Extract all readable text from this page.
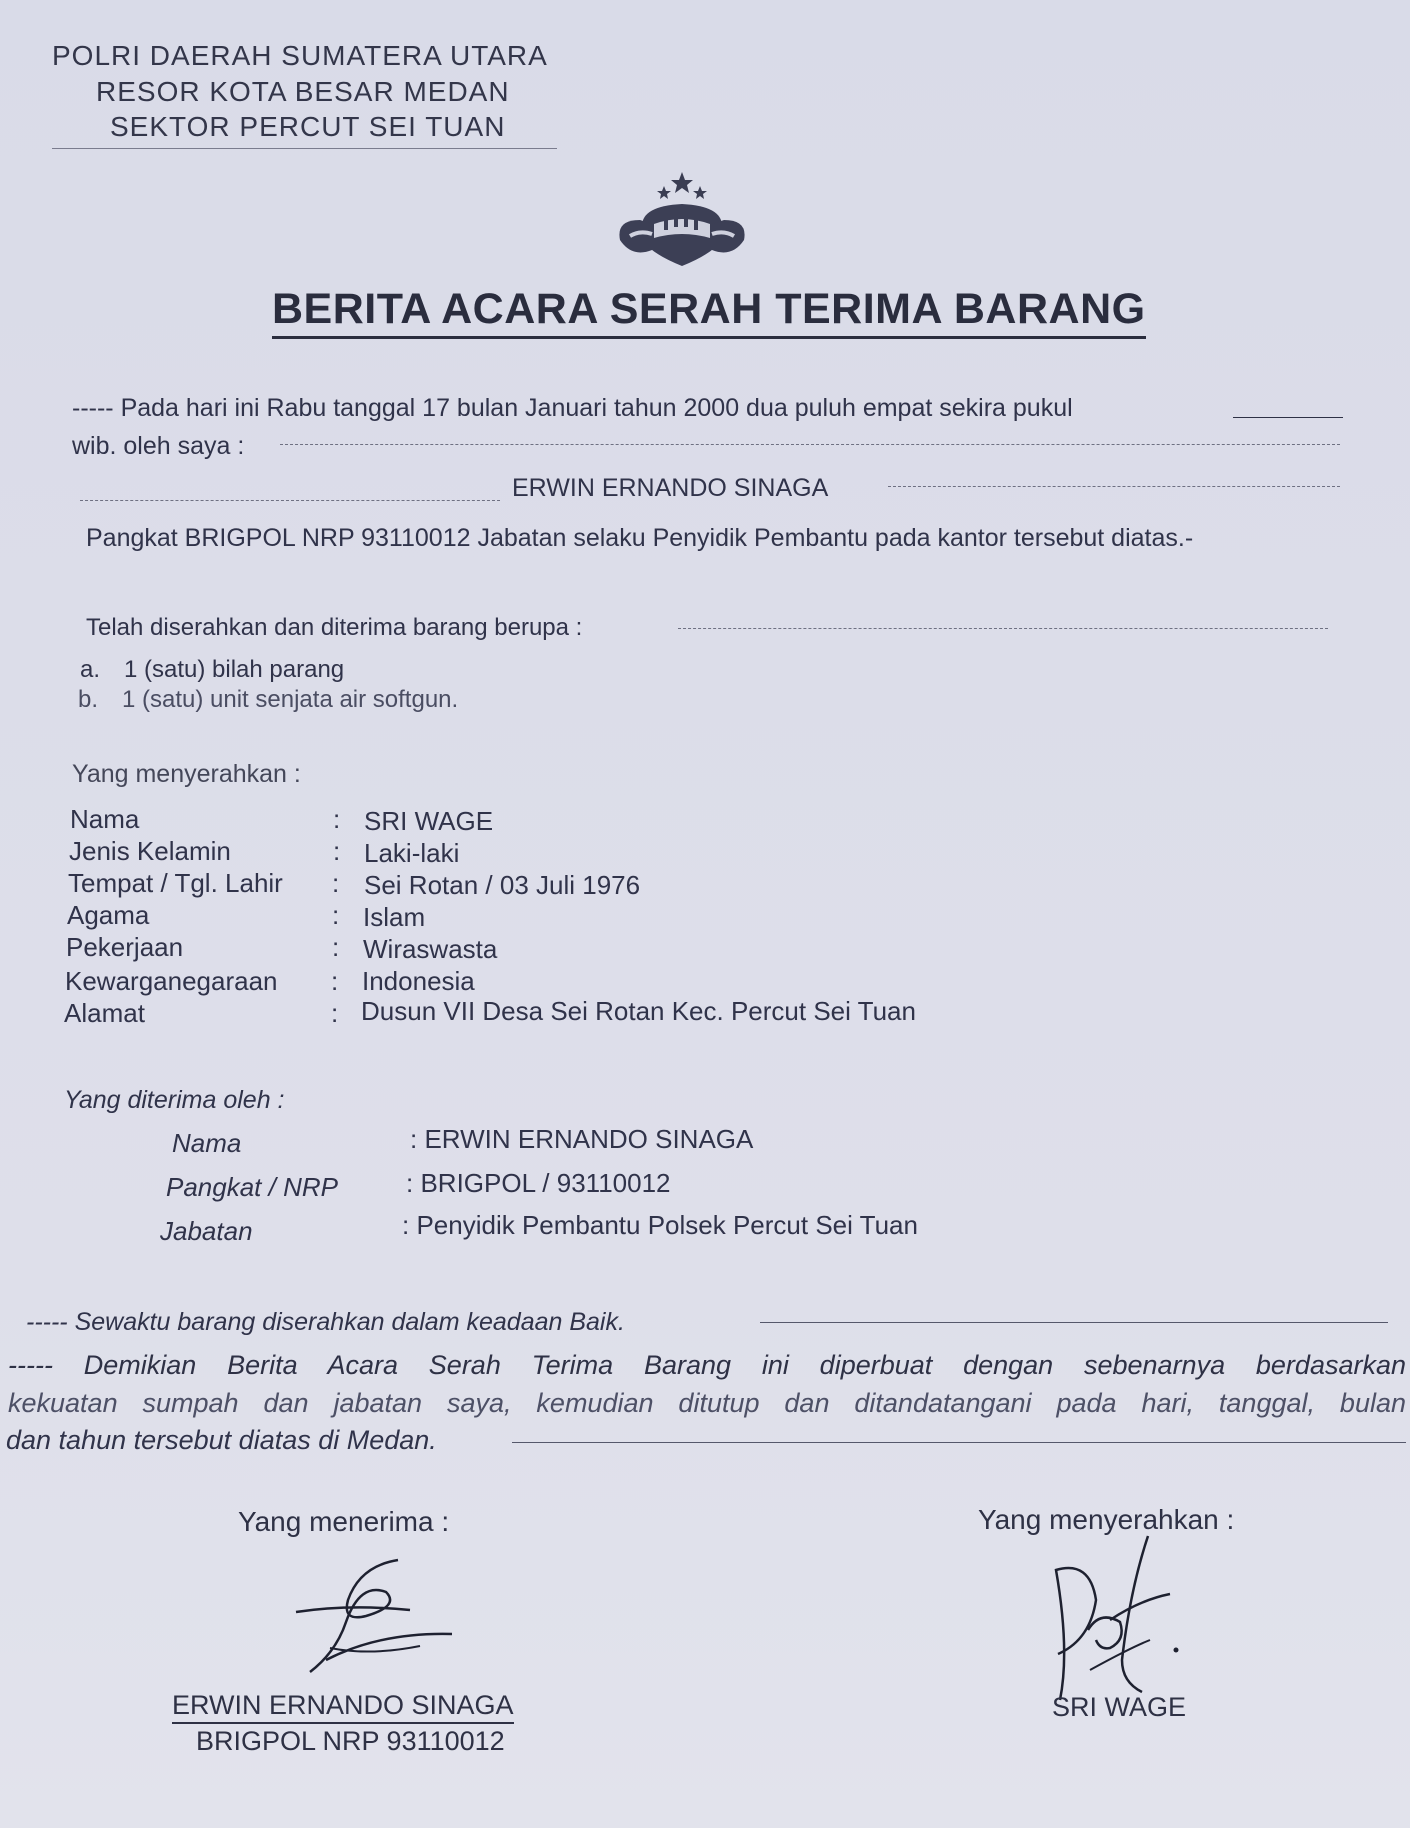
POLRI DAERAH SUMATERA UTARA
RESOR KOTA BESAR MEDAN
SEKTOR PERCUT SEI TUAN
BERITA ACARA SERAH TERIMA BARANG
----- Pada hari ini Rabu tanggal 17 bulan Januari tahun 2000 dua puluh empat sekira pukul
wib. oleh saya :
ERWIN ERNANDO SINAGA
Pangkat BRIGPOL NRP 93110012 Jabatan selaku Penyidik Pembantu pada kantor tersebut diatas.-
Telah diserahkan dan diterima barang berupa :
a. 1 (satu) bilah parang
b. 1 (satu) unit senjata air softgun.
Yang menyerahkan :
Nama	: SRI WAGE
Jenis Kelamin	: Laki-laki
Tempat / Tgl. Lahir : Sei Rotan / 03 Juli 1976
Agama	: Islam
Pekerjaan	: Wiraswasta
Kewarganegaraan : Indonesia
Alamat	: Dusun VII Desa Sei Rotan Kec. Percut Sei Tuan
Yang diterima oleh :
Nama	: ERWIN ERNANDO SINAGA
Pangkat / NRP	: BRIGPOL / 93110012
Jabatan	: Penyidik Pembantu Polsek Percut Sei Tuan
----- Sewaktu barang diserahkan dalam keadaan Baik.
----- Demikian Berita Acara Serah Terima Barang ini diperbuat dengan sebenarnya berdasarkan
kekuatan sumpah dan jabatan saya, kemudian ditutup dan ditandatangani pada hari, tanggal, bulan
dan tahun tersebut diatas di Medan.
Yang menerima :	Yang menyerahkan :
ERWIN ERNANDO SINAGA
BRIGPOL NRP 93110012
SRI WAGE
